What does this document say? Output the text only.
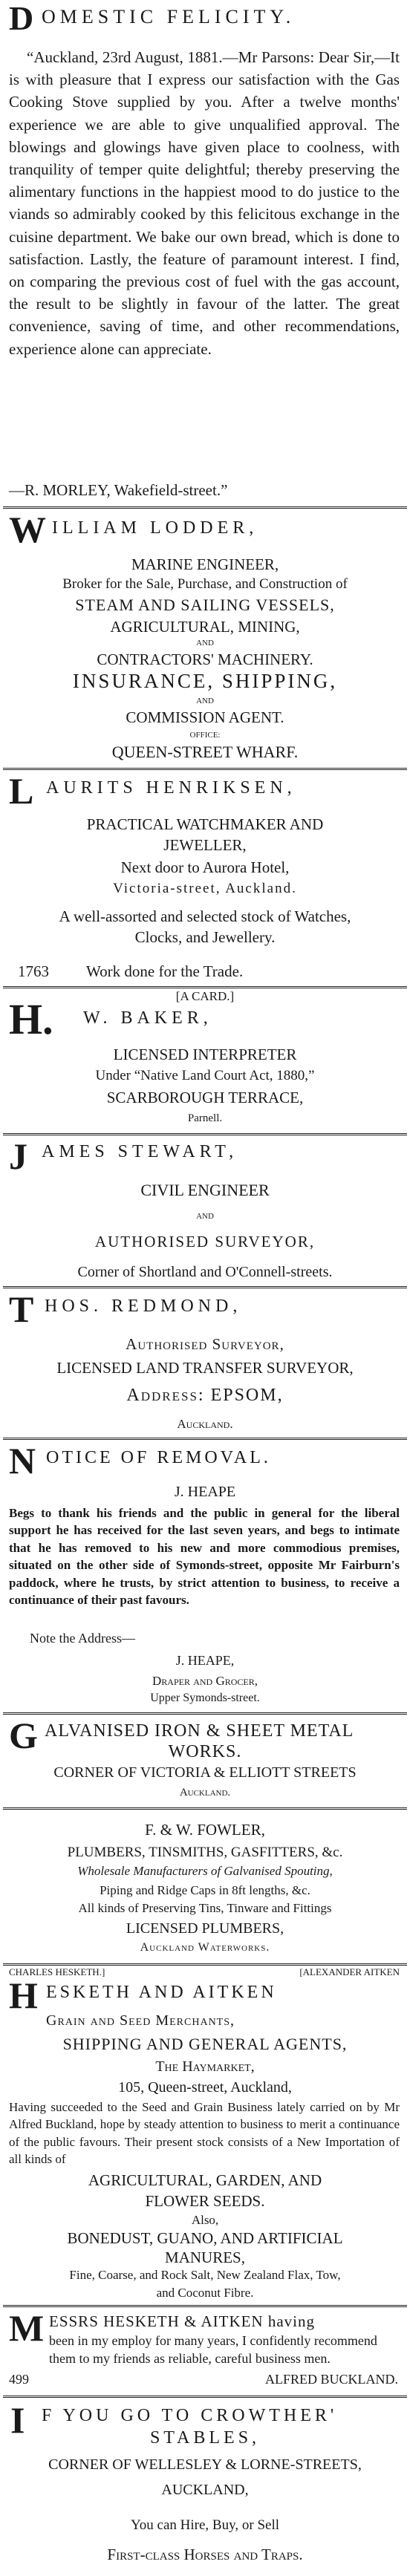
D OMESTIC FELICITY.

“Auckland, 23rd August, 1881.—Mr Parsons: Dear Sir,—It is with pleasure that I express our satisfaction with the Gas Cooking Stove supplied by you. After a twelve months' experience we are able to give unqualified approval. The blowings and glowings have given place to coolness, with tranquility of temper quite delightful; thereby preserving the alimentary functions in the happiest mood to do justice to the viands so admirably cooked by this felicitous exchange in the cuisine department. We bake our own bread, which is done to satisfaction. Lastly, the feature of paramount interest. I find, on comparing the previous cost of fuel with the gas account, the result to be slightly in favour of the latter. The great convenience, saving of time, and other recommendations, experience alone can appreciate.

—R. MORLEY, Wakefield-street.”

W ILLIAM LODDER,
MARINE ENGINEER,
Broker for the Sale, Purchase, and Construction of
STEAM AND SAILING VESSELS,
AGRICULTURAL, MINING,
AND
CONTRACTORS' MACHINERY.
INSURANCE, SHIPPING,
AND
COMMISSION AGENT.
OFFICE:
QUEEN-STREET WHARF.
L AURITS HENRIKSEN,
PRACTICAL WATCHMAKER AND
JEWELLER,
Next door to Aurora Hotel,
Victoria-street, Auckland.
A well-assorted and selected stock of Watches,
Clocks, and Jewellery.
1763 Work done for the Trade.
[A CARD.]
H. W. BAKER,
LICENSED INTERPRETER
Under “Native Land Court Act, 1880,”
SCARBOROUGH TERRACE,
Parnell.
J AMES STEWART,
CIVIL ENGINEER
AND
AUTHORISED SURVEYOR,
Corner of Shortland and O'Connell-streets.
T HOS. REDMOND,
Authorised Surveyor,
LICENSED LAND TRANSFER SURVEYOR,
Address: EPSOM,
Auckland.
N OTICE OF REMOVAL.
J. HEAPE

Begs to thank his friends and the public in general for the liberal support he has received for the last seven years, and begs to intimate that he has removed to his new and more commodious premises, situated on the other side of Symonds-street, opposite Mr Fairburn's paddock, where he trusts, by strict attention to business, to receive a continuance of their past favours.

Note the Address—
J. HEAPE,
Draper and Grocer,
Upper Symonds-street.
G ALVANISED IRON & SHEET METAL
WORKS.
CORNER OF VICTORIA & ELLIOTT STREETS
Auckland.
F. & W. FOWLER,
PLUMBERS, TINSMITHS, GASFITTERS, &c.
Wholesale Manufacturers of Galvanised Spouting,
Piping and Ridge Caps in 8ft lengths, &c.
All kinds of Preserving Tins, Tinware and Fittings
LICENSED PLUMBERS,
Auckland Waterworks.
CHARLES HESKETH.]	[ALEXANDER AITKEN
H ESKETH AND AITKEN
Grain and Seed Merchants,
SHIPPING AND GENERAL AGENTS,
The Haymarket,
105, Queen-street, Auckland,

Having succeeded to the Seed and Grain Business lately carried on by Mr Alfred Buckland, hope by steady attention to business to merit a continuance of the public favours. Their present stock consists of a New Importation of all kinds of

AGRICULTURAL, GARDEN, AND
FLOWER SEEDS.
Also,
BONEDUST, GUANO, AND ARTIFICIAL
MANURES,
Fine, Coarse, and Rock Salt, New Zealand Flax, Tow,
and Coconut Fibre.
M ESSRS HESKETH & AITKEN having

been in my employ for many years, I confidently recommend them to my friends as reliable, careful business men.

499	ALFRED BUCKLAND.
I F YOU GO TO CROWTHER'
STABLES,
CORNER OF WELLESLEY & LORNE-STREETS,
AUCKLAND,
You can Hire, Buy, or Sell
First-class Horses and Traps.
